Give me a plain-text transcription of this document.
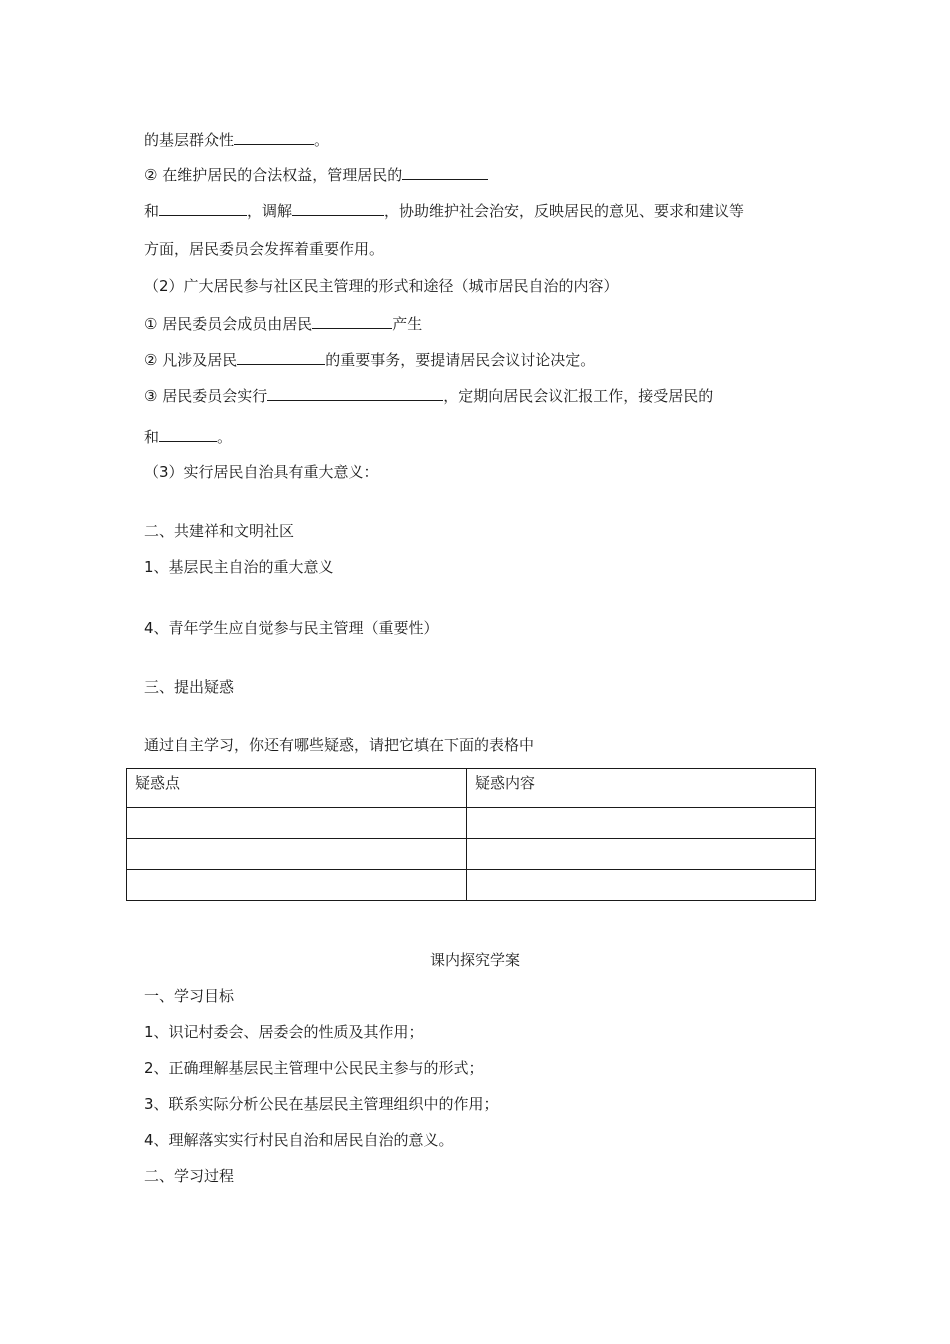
的基层群众性	。
② 在维护居民的合法权益，管理居民的
和	，调解	，协助维护社会治安，反映居民的意见、要求和建议等
方面，居民委员会发挥着重要作用。
（2）广大居民参与社区民主管理的形式和途径（城市居民自治的内容）
① 居民委员会成员由居民	产生
② 凡涉及居民	的重要事务，要提请居民会议讨论决定。
③ 居民委员会实行	，定期向居民会议汇报工作，接受居民的
和	。
（3）实行居民自治具有重大意义：
二、共建祥和文明社区
1、基层民主自治的重大意义
4、青年学生应自觉参与民主管理（重要性）
三、提出疑惑
通过自主学习，你还有哪些疑惑，请把它填在下面的表格中
疑惑点	疑惑内容

课内探究学案
一、学习目标
1、识记村委会、居委会的性质及其作用；
2、正确理解基层民主管理中公民民主参与的形式；
3、联系实际分析公民在基层民主管理组织中的作用；
4、理解落实实行村民自治和居民自治的意义。
二、学习过程
